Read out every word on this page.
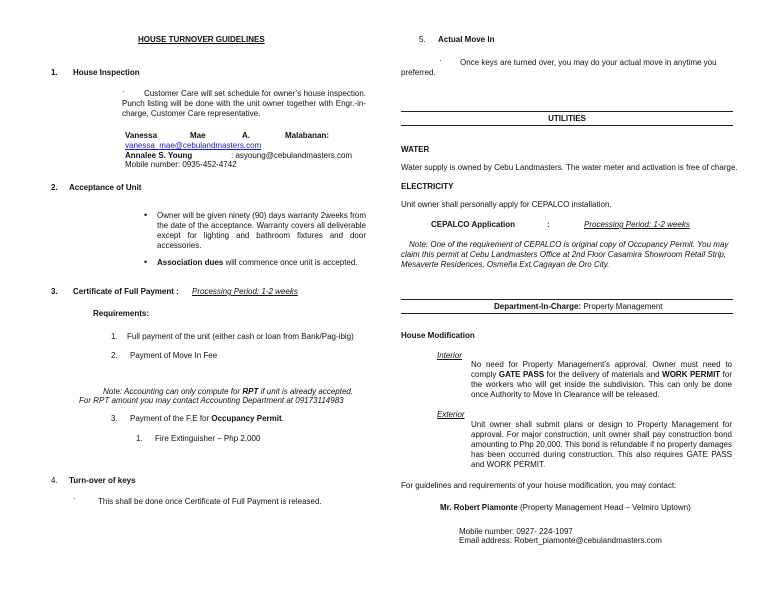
HOUSE TURNOVER GUIDELINES
1. House Inspection
·	Customer Care will set schedule for owner’s house inspection. Punch listing will be done with the unit owner together with Engr.-in-charge, Customer Care representative.
Vanessa	Mae	A.	Malabanan:
vanessa_mae@cebulandmasters.com
Annalee S. Young	: asyoung@cebulandmasters.com
Mobile number: 0935-452-4742
2. Acceptance of Unit
• Owner will be given ninety (90) days warranty 2weeks from the date of the acceptance. Warranty covers all deliverable except for lighting and bathroom fixtures and door accessories.
• Association dues will commence once unit is accepted.
3. Certificate of Full Payment : Processing Period: 1-2 weeks
Requirements:
1. Full payment of the unit (either cash or loan from Bank/Pag-ibig)
2. Payment of Move In Fee
Note: Accounting can only compute for RPT if unit is already accepted.
For RPT amount you may contact Accounting Department at 09173114983
3. Payment of the F.E for Occupancy Permit.
1. Fire Extinguisher – Php 2,000
4. Turn-over of keys
·	This shall be done once Certificate of Full Payment is released.
5. Actual Move In
· Once keys are turned over, you may do your actual move in anytime you
preferred.
UTILITIES
WATER
Water supply is owned by Cebu Landmasters. The water meter and activation is free of charge.
ELECTRICITY
Unit owner shall personally apply for CEPALCO installation.
CEPALCO Application	:	Processing Period: 1-2 weeks
Note: One of the requirement of CEPALCO is original copy of Occupancy Permit. You may claim this permit at Cebu Landmasters Office at 2nd Floor Casamira Showroom Retail Strip, Mesaverte Residences, Osmeña Ext.Cagayan de Oro City.
Department-In-Charge: Property Management
House Modification
Interior
No need for Property Management’s approval. Owner must need to comply GATE PASS for the delivery of materials and WORK PERMIT for the workers who will get inside the subdivision. This can only be done once Authority to Move In Clearance will be released.
Exterior
Unit owner shall submit plans or design to Property Management for approval. For major construction, unit owner shall pay construction bond amounting to Php 20,000. This bond is refundable if no property damages has been occurred during construction. This also requires GATE PASS and WORK PERMIT.
For guidelines and requirements of your house modification, you may contact:
Mr. Robert Piamonte (Property Management Head – Velmiro Uptown)
Mobile number: 0927- 224-1097
Email address: Robert_piamonte@cebulandmasters.com
